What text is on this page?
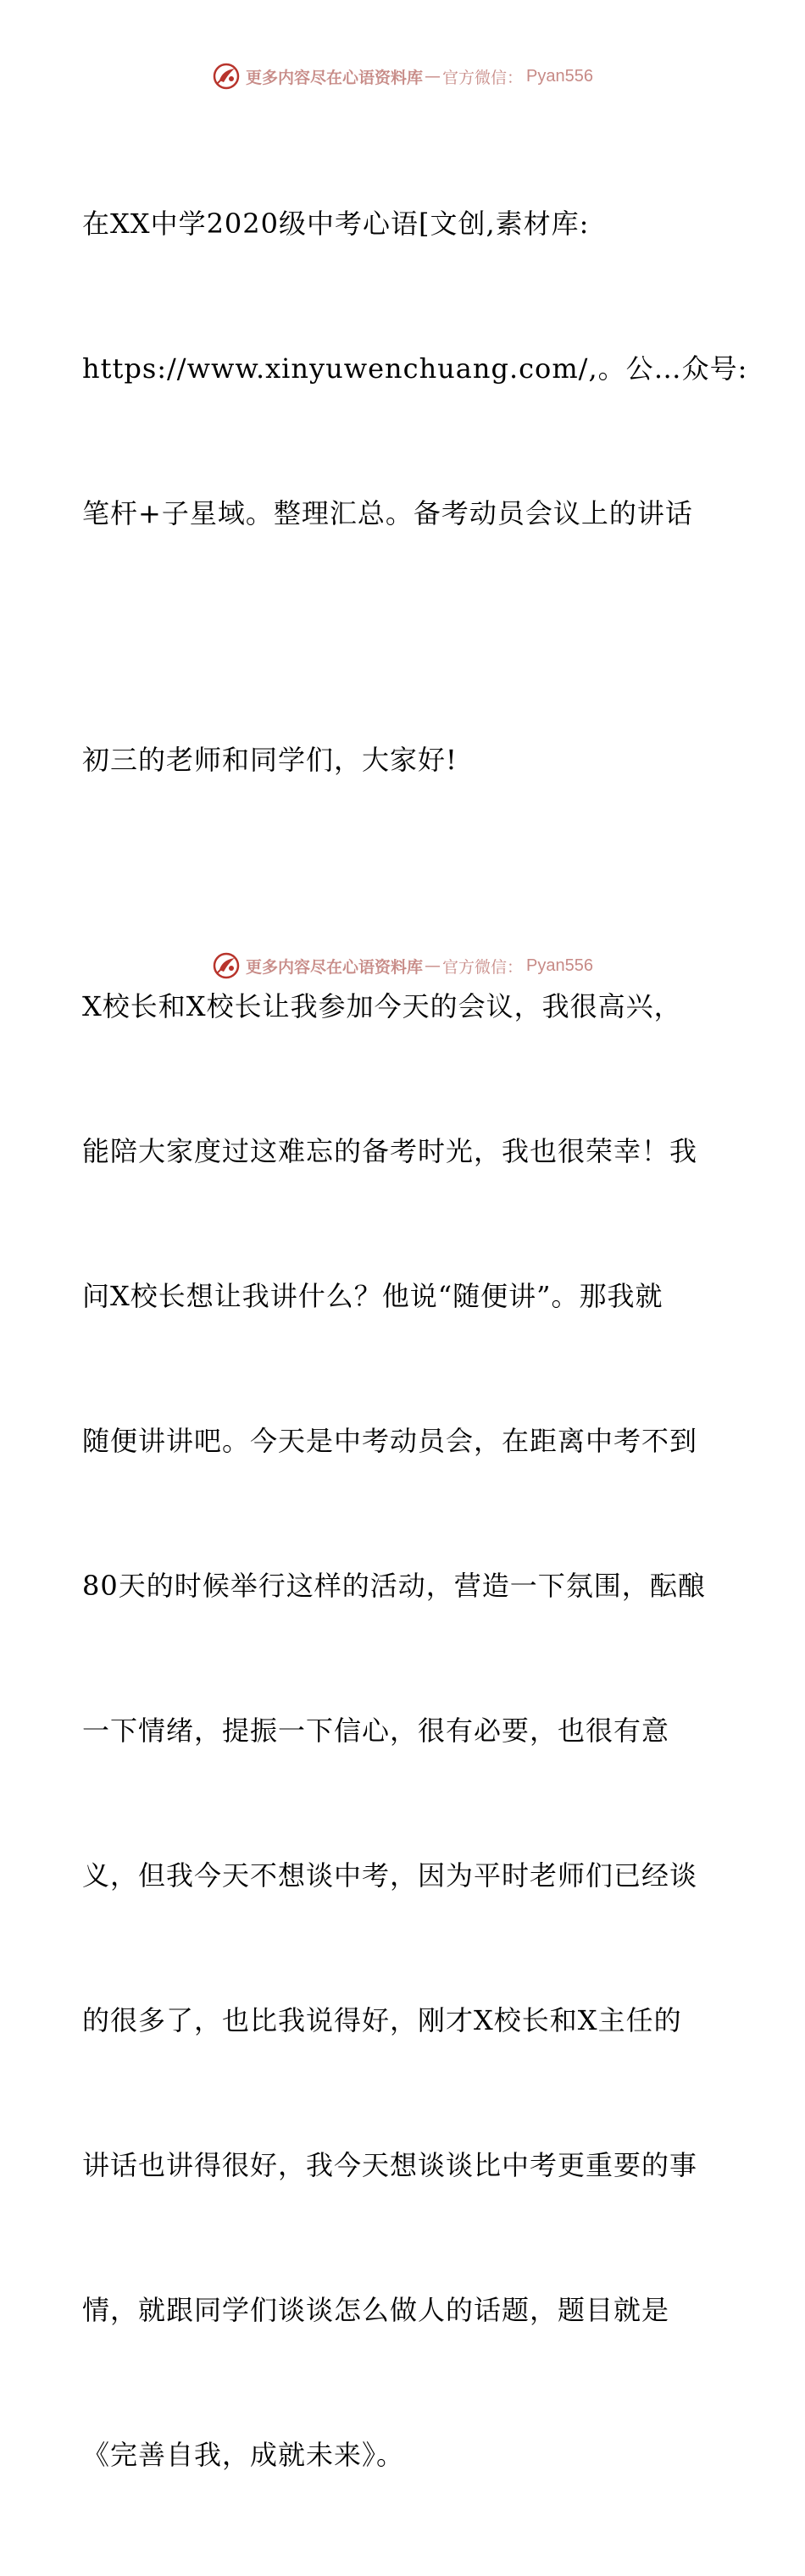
更多内容尽在心语资料库 — 官方微信： Pyan556

在XX中学2020级中考心语[文创,素材库:

https://www.xinyuwenchuang.com/,。公…众号:

笔杆+子星域。整理汇总。备考动员会议上的讲话

初三的老师和同学们，大家好!

X校长和X校长让我参加今天的会议，我很高兴，

能陪大家度过这难忘的备考时光，我也很荣幸！我

问X校长想让我讲什么？他说“随便讲”。那我就

随便讲讲吧。今天是中考动员会，在距离中考不到

80天的时候举行这样的活动，营造一下氛围，酝酿

一下情绪，提振一下信心，很有必要，也很有意

义，但我今天不想谈中考，因为平时老师们已经谈

的很多了，也比我说得好，刚才X校长和X主任的

讲话也讲得很好，我今天想谈谈比中考更重要的事

情，就跟同学们谈谈怎么做人的话题，题目就是

《完善自我，成就未来》。

更多内容尽在心语资料库 — 官方微信： Pyan556
